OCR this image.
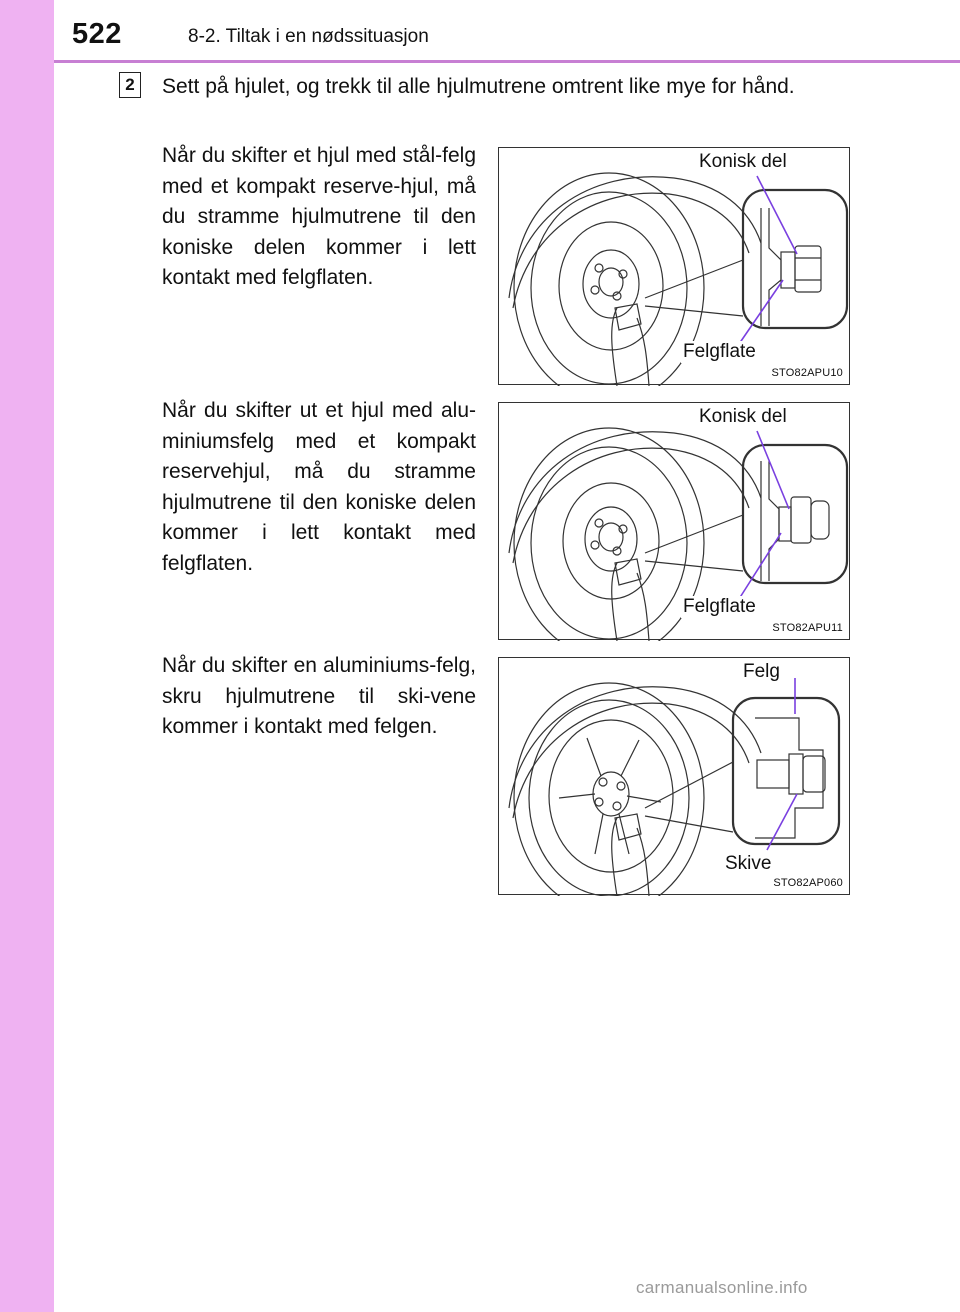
522	8-2. Tiltak i en nødssituasjon
2 Sett på hjulet, og trekk til alle hjulmutrene omtrent like mye for hånd.
Når du skifter et hjul med stål-felg med et kompakt reserve-hjul, må du stramme hjulmutrene til den koniske delen kommer i lett kontakt med felgflaten.
Når du skifter ut et hjul med alu-miniumsfelg med et kompakt reservehjul, må du stramme hjulmutrene til den koniske delen kommer i lett kontakt med felgflaten.
Når du skifter en aluminiums-felg, skru hjulmutrene til ski-vene kommer i kontakt med felgen.
Konisk del
Felgflate
STO82APU10
Konisk del
Felgflate
STO82APU11
Felg
Skive
STO82AP060
carmanualsonline.info
